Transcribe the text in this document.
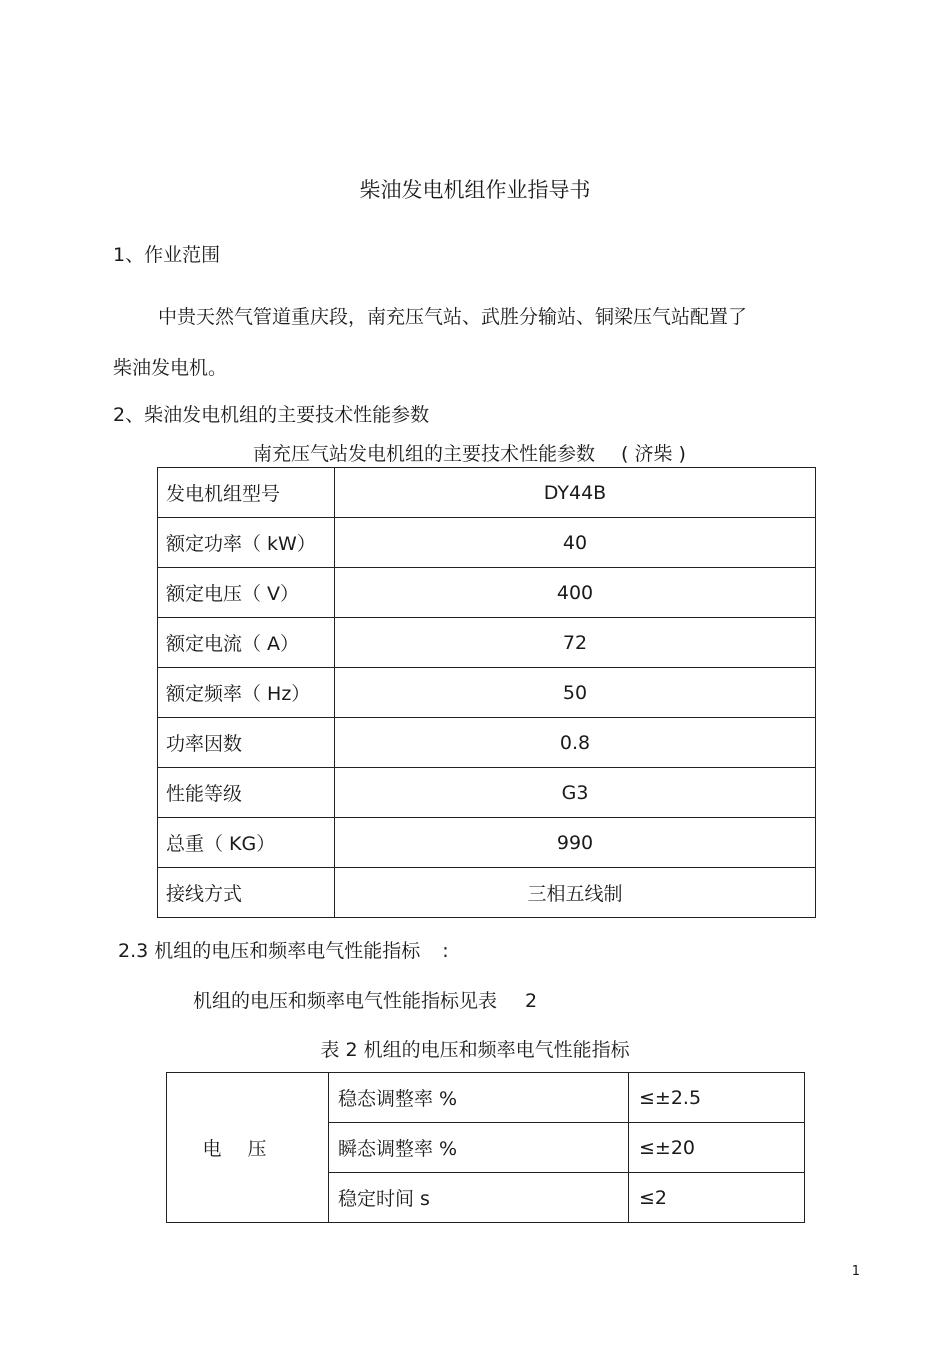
柴油发电机组作业指导书
1、作业范围
中贵天然气管道重庆段，南充压气站、武胜分输站、铜梁压气站配置了
柴油发电机。
2、柴油发电机组的主要技术性能参数
南充压气站发电机组的主要技术性能参数 ( 济柴 )
发电机组型号	DY44B
额定功率（ kW）	40
额定电压（ V）	400
额定电流（ A）	72
额定频率（ Hz）	50
功率因数	0.8
性能等级	G3
总重（ KG）	990
接线方式	三相五线制
2.3 机组的电压和频率电气性能指标 :
机组的电压和频率电气性能指标见表 2
表 2 机组的电压和频率电气性能指标
电压	稳态调整率 %	≤±2.5
	瞬态调整率 %	≤±20
	稳定时间 s	≤2
1
